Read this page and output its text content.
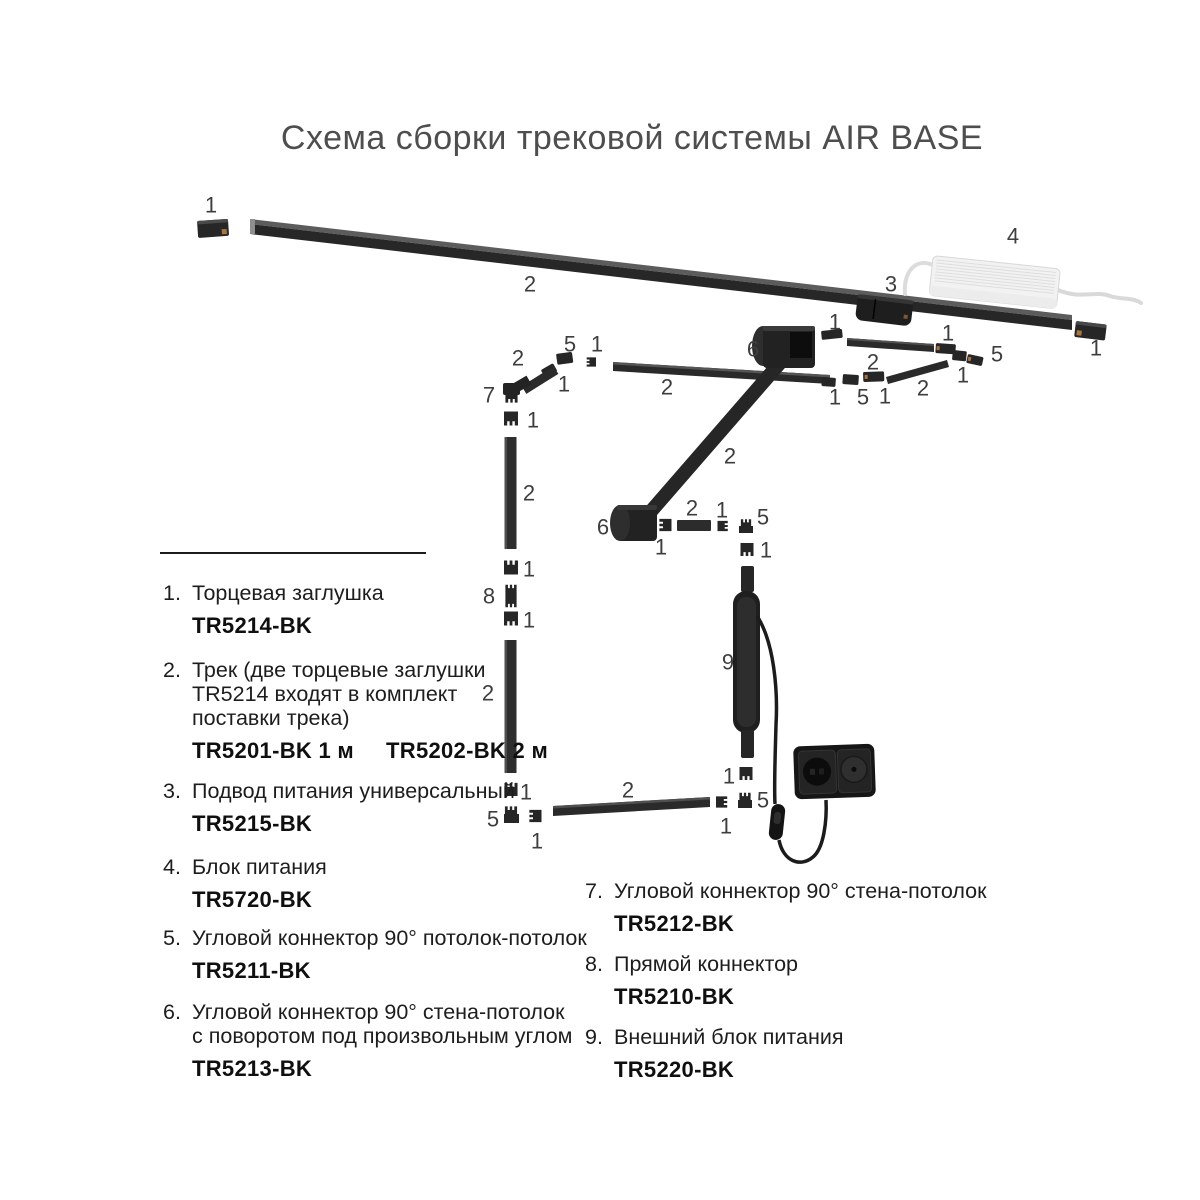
Схема сборки трековой системы AIR BASE
1
2	3
4
1
6
1
2
1
5
1
2
1 5 1
2
5 1
2
1
7
1
2
1
8
1
2
1
5
1
2
1
5
1
2
6
1
2 1 5
1
9
1. Торцевая заглушка
TR5214-BK
2. Трек (две торцевые заглушки
TR5214 входят в комплект
поставки трека)
TR5201-BK 1 м TR5202-BK 2 м
3. Подвод питания универсальный
TR5215-BK
4. Блок питания
TR5720-BK
5. Угловой коннектор 90° потолок-потолок
TR5211-BK
6. Угловой коннектор 90° стена-потолок
с поворотом под произвольным углом
TR5213-BK
7. Угловой коннектор 90° стена-потолок
TR5212-BK
8. Прямой коннектор
TR5210-BK
9. Внешний блок питания
TR5220-BK
